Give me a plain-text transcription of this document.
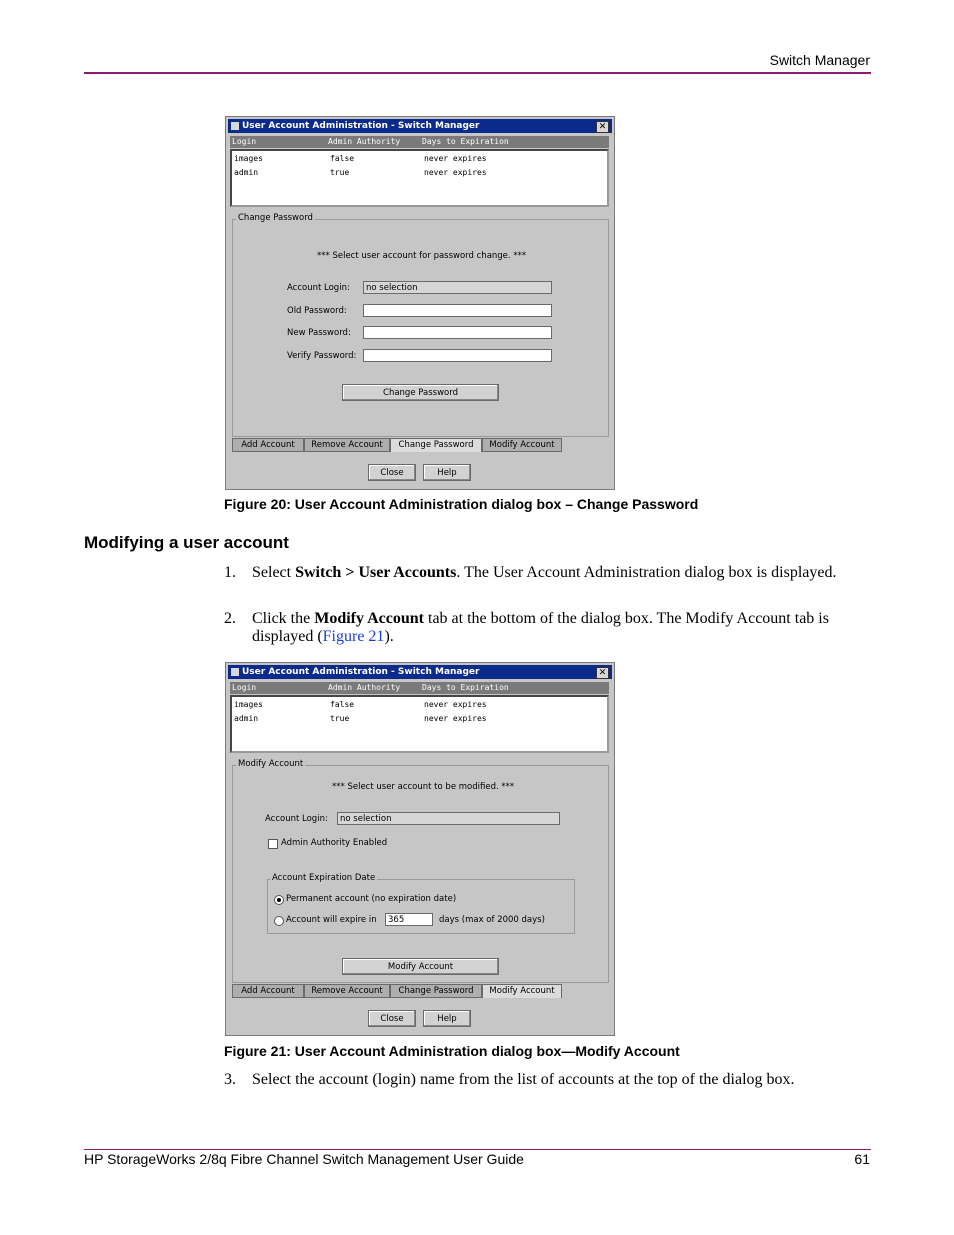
Switch Manager
User Account Administration - Switch Manager	✕
Login	Admin Authority	Days to Expiration
images	false	never expires
admin	true	never expires
Change Password
*** Select user account for password change. ***
Account Login:	no selection
Old Password:
New Password:
Verify Password:
Change Password
Add Account	Remove Account	Change Password	Modify Account
Close	Help
Figure 20: User Account Administration dialog box – Change Password
Modifying a user account
1. Select Switch > User Accounts. The User Account Administration dialog box is displayed.
2. Click the Modify Account tab at the bottom of the dialog box. The Modify Account tab is displayed (Figure 21).
User Account Administration - Switch Manager	✕
Login	Admin Authority	Days to Expiration
images	false	never expires
admin	true	never expires
Modify Account
*** Select user account to be modified. ***
Account Login:	no selection
Admin Authority Enabled
Account Expiration Date
Permanent account (no expiration date)
Account will expire in	365	days (max of 2000 days)
Modify Account
Add Account	Remove Account	Change Password	Modify Account
Close	Help
Figure 21: User Account Administration dialog box—Modify Account
3. Select the account (login) name from the list of accounts at the top of the dialog box.
HP StorageWorks 2/8q Fibre Channel Switch Management User Guide	61
